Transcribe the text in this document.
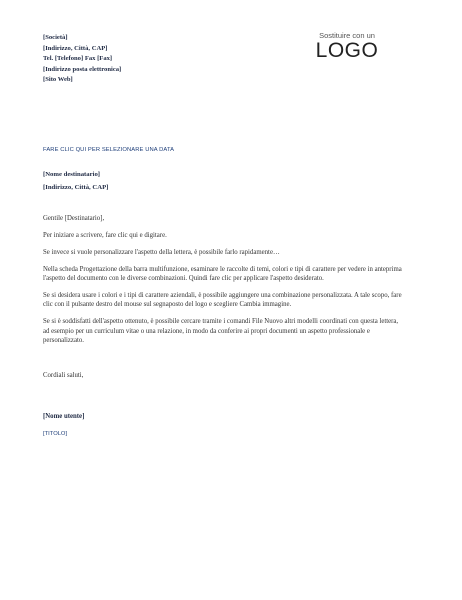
[Società]
[Indirizzo, Città, CAP]
Tel. [Telefono] Fax [Fax]
[Indirizzo posta elettronica]
[Sito Web]
Sostituire con un
LOGO
FARE CLIC QUI PER SELEZIONARE UNA DATA
[Nome destinatario]
[Indirizzo, Città, CAP]

Gentile [Destinatario],

Per iniziare a scrivere, fare clic qui e digitare.

Se invece si vuole personalizzare l'aspetto della lettera, è possibile farlo rapidamente…

Nella scheda Progettazione della barra multifunzione, esaminare le raccolte di temi, colori e tipi di carattere per vedere in anteprima l'aspetto del documento con le diverse combinazioni. Quindi fare clic per applicare l'aspetto desiderato.

Se si desidera usare i colori e i tipi di carattere aziendali, è possibile aggiungere una combinazione personalizzata. A tale scopo, fare clic con il pulsante destro del mouse sul segnaposto del logo e scegliere Cambia immagine.

Se si è soddisfatti dell'aspetto ottenuto, è possibile cercare tramite i comandi File Nuovo altri modelli coordinati con questa lettera, ad esempio per un curriculum vitae o una relazione, in modo da conferire ai propri documenti un aspetto professionale e personalizzato.

Cordiali saluti,
[Nome utente]
[TITOLO]
